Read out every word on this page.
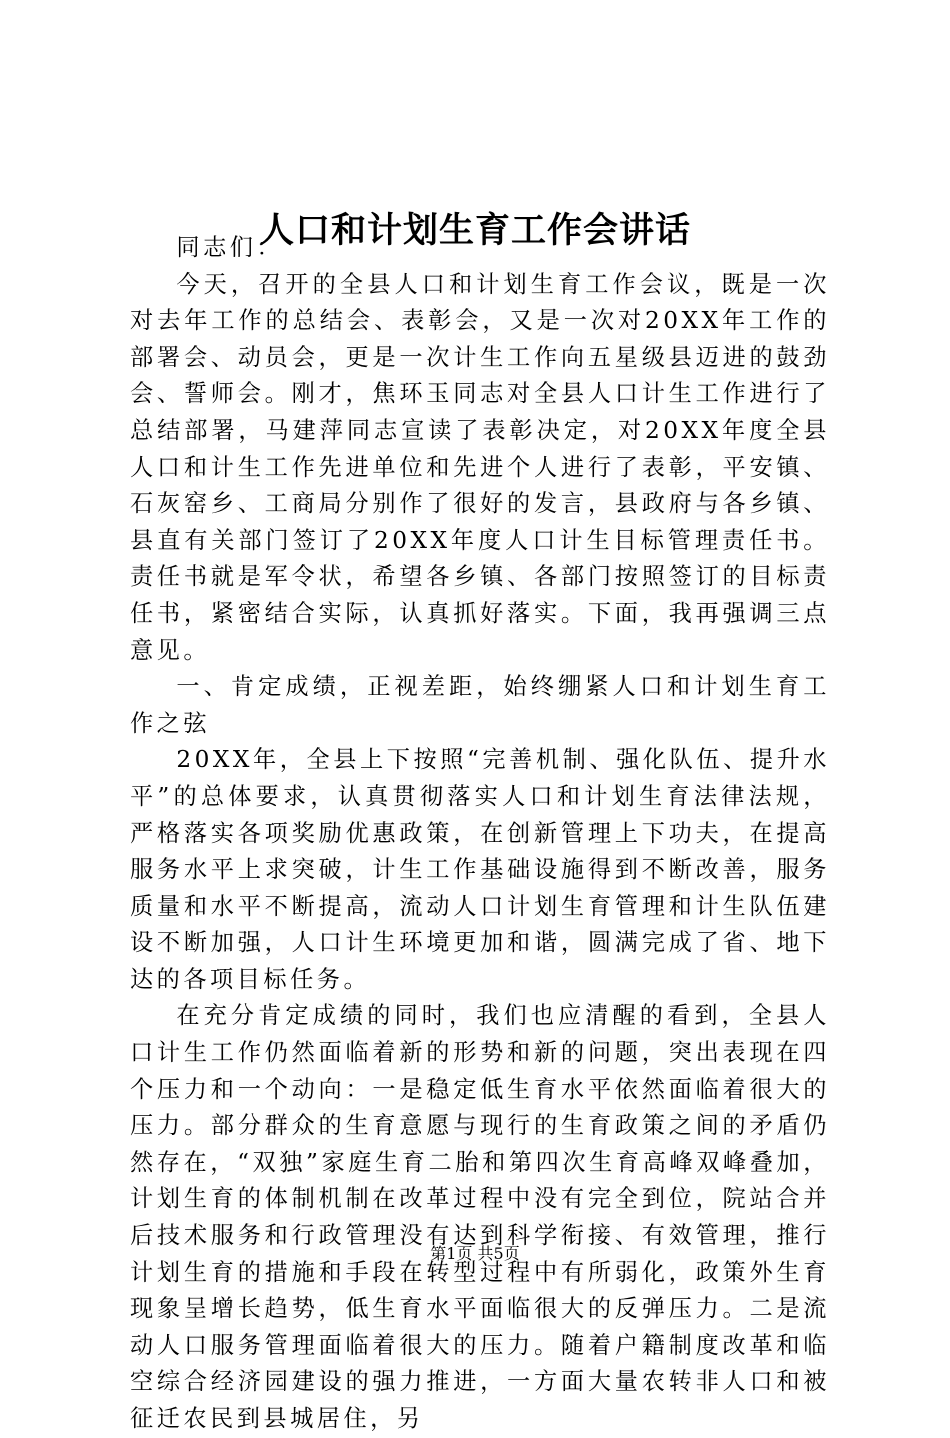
人口和计划生育工作会讲话

同志们：

今天，召开的全县人口和计划生育工作会议，既是一次对去年工作的总结会、表彰会，又是一次对20XX年工作的部署会、动员会，更是一次计生工作向五星级县迈进的鼓劲会、誓师会。刚才，焦环玉同志对全县人口计生工作进行了总结部署，马建萍同志宣读了表彰决定，对20XX年度全县人口和计生工作先进单位和先进个人进行了表彰，平安镇、石灰窑乡、工商局分别作了很好的发言，县政府与各乡镇、县直有关部门签订了20XX年度人口计生目标管理责任书。责任书就是军令状，希望各乡镇、各部门按照签订的目标责任书，紧密结合实际，认真抓好落实。下面，我再强调三点意见。

一、肯定成绩，正视差距，始终绷紧人口和计划生育工作之弦

20XX年，全县上下按照“完善机制、强化队伍、提升水平”的总体要求，认真贯彻落实人口和计划生育法律法规，严格落实各项奖励优惠政策，在创新管理上下功夫，在提高服务水平上求突破，计生工作基础设施得到不断改善，服务质量和水平不断提高，流动人口计划生育管理和计生队伍建设不断加强，人口计生环境更加和谐，圆满完成了省、地下达的各项目标任务。

在充分肯定成绩的同时，我们也应清醒的看到，全县人口计生工作仍然面临着新的形势和新的问题，突出表现在四个压力和一个动向：一是稳定低生育水平依然面临着很大的压力。部分群众的生育意愿与现行的生育政策之间的矛盾仍然存在，“双独”家庭生育二胎和第四次生育高峰双峰叠加，计划生育的体制机制在改革过程中没有完全到位，院站合并后技术服务和行政管理没有达到科学衔接、有效管理，推行计划生育的措施和手段在转型过程中有所弱化，政策外生育现象呈增长趋势，低生育水平面临很大的反弹压力。二是流动人口服务管理面临着很大的压力。随着户籍制度改革和临空综合经济园建设的强力推进，一方面大量农转非人口和被征迁农民到县城居住，另

第1页 共5页
